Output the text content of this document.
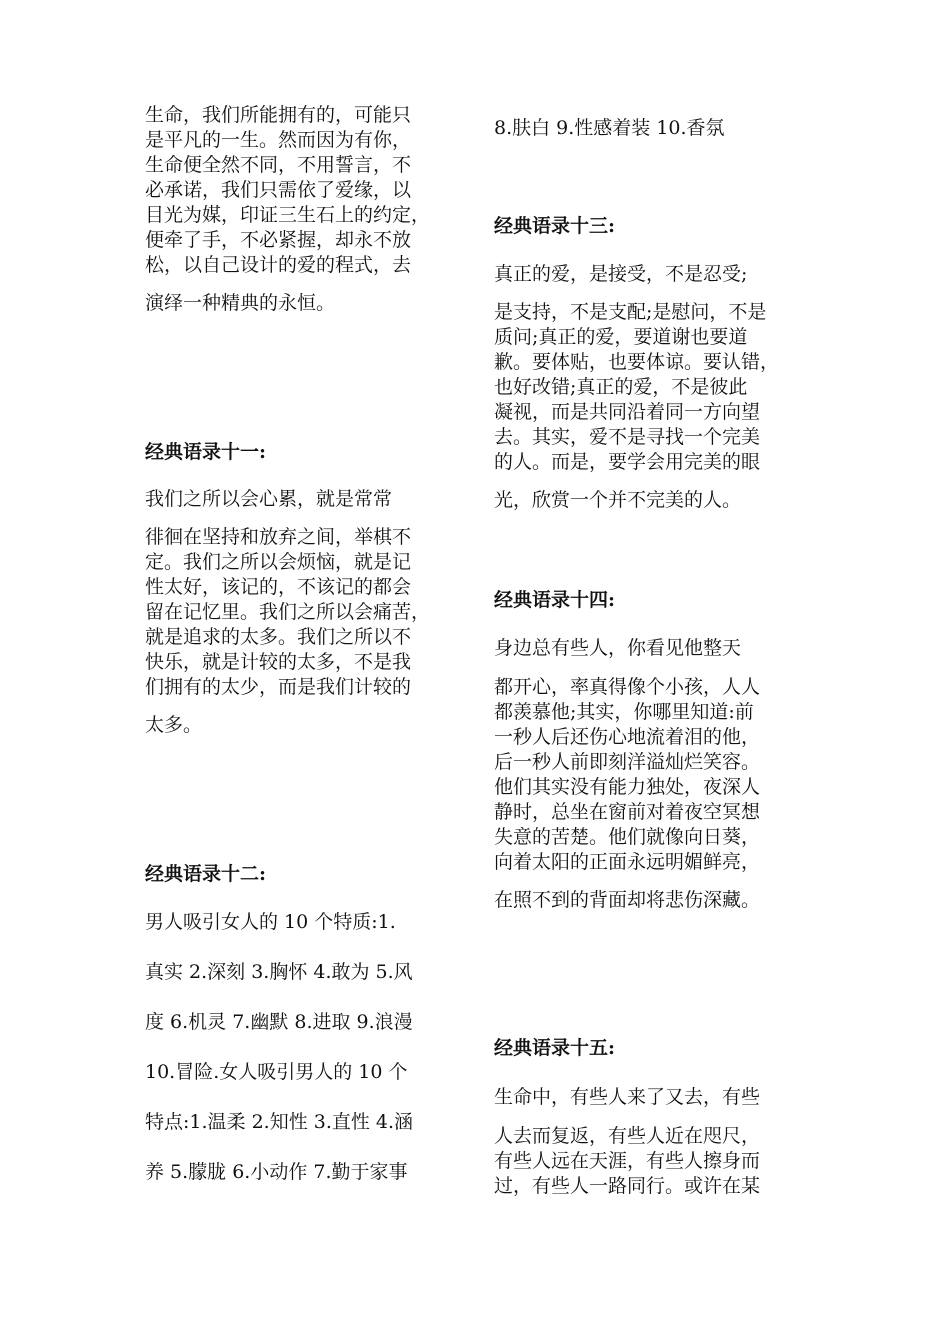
生命，我们所能拥有的，可能只
是平凡的一生。然而因为有你，
生命便全然不同，不用誓言，不
必承诺，我们只需依了爱缘，以
目光为媒，印证三生石上的约定，
便牵了手，不必紧握，却永不放
松，以自己设计的爱的程式，去
演绎一种精典的永恒。
经典语录十一:
我们之所以会心累，就是常常
徘徊在坚持和放弃之间，举棋不
定。我们之所以会烦恼，就是记
性太好，该记的，不该记的都会
留在记忆里。我们之所以会痛苦，
就是追求的太多。我们之所以不
快乐，就是计较的太多，不是我
们拥有的太少，而是我们计较的
太多。
经典语录十二:
男人吸引女人的 10 个特质:1.
真实 2.深刻 3.胸怀 4.敢为 5.风
度 6.机灵 7.幽默 8.进取 9.浪漫
10.冒险.女人吸引男人的 10 个
特点:1.温柔 2.知性 3.直性 4.涵
养 5.朦胧 6.小动作 7.勤于家事
8.肤白 9.性感着装 10.香氛
经典语录十三:
真正的爱，是接受，不是忍受;
是支持，不是支配;是慰问，不是
质问;真正的爱，要道谢也要道
歉。要体贴，也要体谅。要认错，
也好改错;真正的爱，不是彼此
凝视，而是共同沿着同一方向望
去。其实，爱不是寻找一个完美
的人。而是，要学会用完美的眼
光，欣赏一个并不完美的人。
经典语录十四:
身边总有些人，你看见他整天
都开心，率真得像个小孩，人人
都羡慕他;其实，你哪里知道:前
一秒人后还伤心地流着泪的他，
后一秒人前即刻洋溢灿烂笑容。
他们其实没有能力独处，夜深人
静时，总坐在窗前对着夜空冥想
失意的苦楚。他们就像向日葵，
向着太阳的正面永远明媚鲜亮，
在照不到的背面却将悲伤深藏。
经典语录十五:
生命中，有些人来了又去，有些
人去而复返，有些人近在咫尺，
有些人远在天涯，有些人擦身而
过，有些人一路同行。或许在某
